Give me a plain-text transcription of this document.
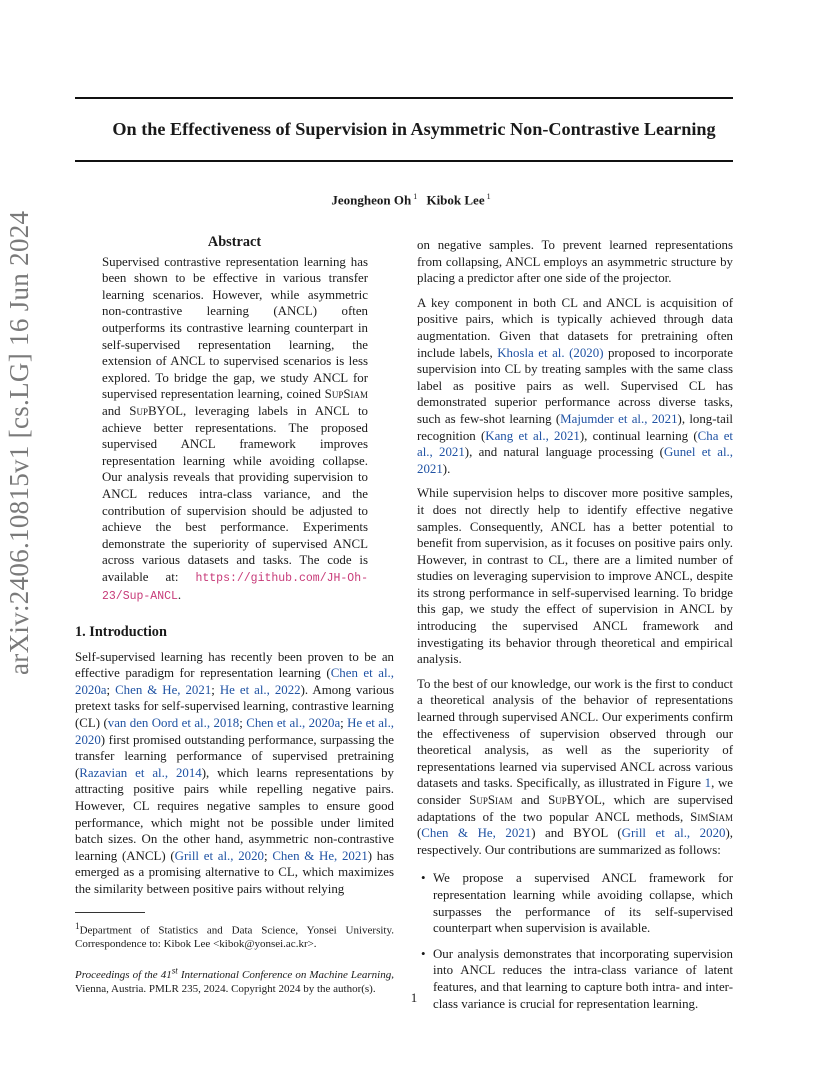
arXiv:2406.10815v1 [cs.LG] 16 Jun 2024
On the Effectiveness of Supervision in Asymmetric Non-Contrastive Learning
Jeongheon Oh $^1$ Kibok Lee $^1$
Abstract

Supervised contrastive representation learning has been shown to be effective in various transfer learning scenarios. However, while asymmetric non-contrastive learning (ANCL) often outperforms its contrastive learning counterpart in self-supervised representation learning, the extension of ANCL to supervised scenarios is less explored. To bridge the gap, we study ANCL for supervised representation learning, coined SupSiam and SupBYOL, leveraging labels in ANCL to achieve better representations. The proposed supervised ANCL framework improves representation learning while avoiding collapse. Our analysis reveals that providing supervision to ANCL reduces intra-class variance, and the contribution of supervision should be adjusted to achieve the best performance. Experiments demonstrate the superiority of supervised ANCL across various datasets and tasks. The code is available at: https://github.com/JH-Oh-23/Sup-ANCL.

1. Introduction

Self-supervised learning has recently been proven to be an effective paradigm for representation learning (Chen et al., 2020a; Chen & He, 2021; He et al., 2022). Among various pretext tasks for self-supervised learning, contrastive learning (CL) (van den Oord et al., 2018; Chen et al., 2020a; He et al., 2020) first promised outstanding performance, surpassing the transfer learning performance of supervised pretraining (Razavian et al., 2014), which learns representations by attracting positive pairs while repelling negative pairs. However, CL requires negative samples to ensure good performance, which might not be possible under limited batch sizes. On the other hand, asymmetric non-contrastive learning (ANCL) (Grill et al., 2020; Chen & He, 2021) has emerged as a promising alternative to CL, which maximizes the similarity between positive pairs without relying

$^1$Department of Statistics and Data Science, Yonsei University. Correspondence to: Kibok Lee <kibok@yonsei.ac.kr>.
Proceedings of the 41st International Conference on Machine Learning, Vienna, Austria. PMLR 235, 2024. Copyright 2024 by the author(s).

on negative samples. To prevent learned representations from collapsing, ANCL employs an asymmetric structure by placing a predictor after one side of the projector.

A key component in both CL and ANCL is acquisition of positive pairs, which is typically achieved through data augmentation. Given that datasets for pretraining often include labels, Khosla et al. (2020) proposed to incorporate supervision into CL by treating samples with the same class label as positive pairs as well. Supervised CL has demonstrated superior performance across diverse tasks, such as few-shot learning (Majumder et al., 2021), long-tail recognition (Kang et al., 2021), continual learning (Cha et al., 2021), and natural language processing (Gunel et al., 2021).

While supervision helps to discover more positive samples, it does not directly help to identify effective negative samples. Consequently, ANCL has a better potential to benefit from supervision, as it focuses on positive pairs only. However, in contrast to CL, there are a limited number of studies on leveraging supervision to improve ANCL, despite its strong performance in self-supervised learning. To bridge this gap, we study the effect of supervision in ANCL by introducing the supervised ANCL framework and investigating its behavior through theoretical and empirical analysis.

To the best of our knowledge, our work is the first to conduct a theoretical analysis of the behavior of representations learned through supervised ANCL. Our experiments confirm the effectiveness of supervision observed through our theoretical analysis, as well as the superiority of representations learned via supervised ANCL across various datasets and tasks. Specifically, as illustrated in Figure 1, we consider SupSiam and SupBYOL, which are supervised adaptations of the two popular ANCL methods, SimSiam (Chen & He, 2021) and BYOL (Grill et al., 2020), respectively. Our contributions are summarized as follows:

• We propose a supervised ANCL framework for representation learning while avoiding collapse, which surpasses the performance of its self-supervised counterpart when supervision is available.
• Our analysis demonstrates that incorporating supervision into ANCL reduces the intra-class variance of latent features, and that learning to capture both intra- and inter-class variance is crucial for representation learning.
1
